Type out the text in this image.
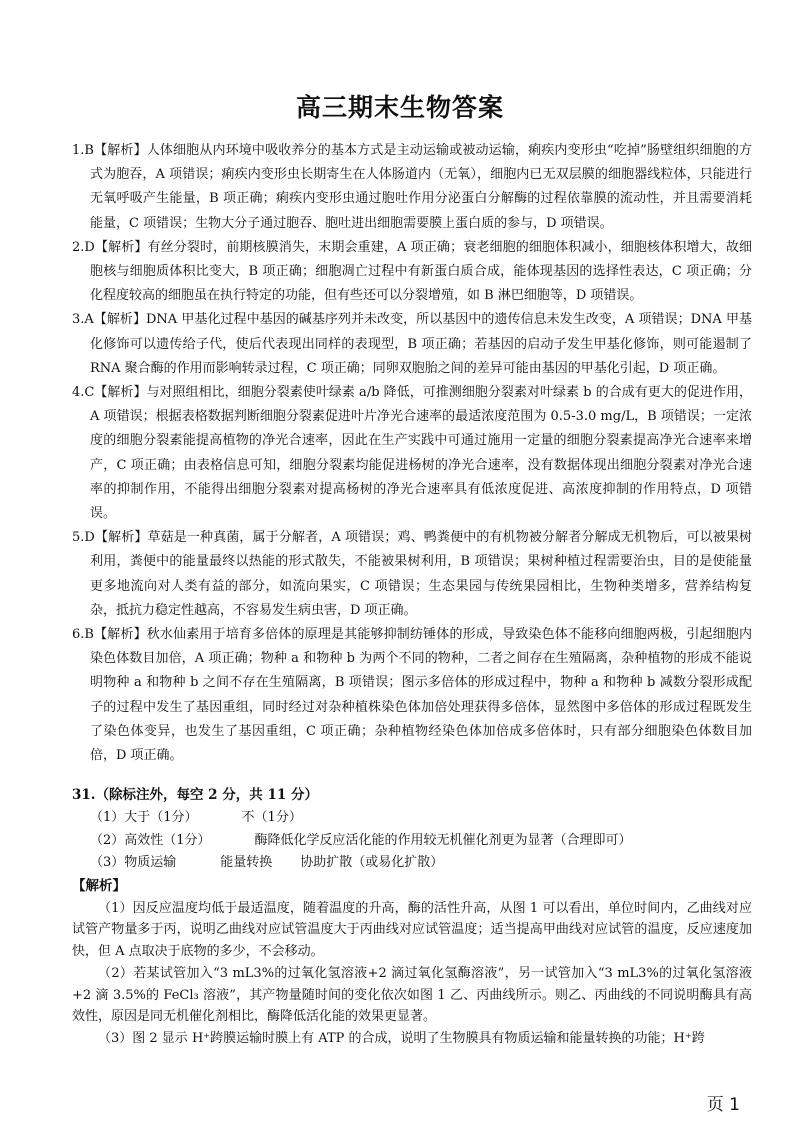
高三期末生物答案

1.B【解析】人体细胞从内环境中吸收养分的基本方式是主动运输或被动运输，痢疾内变形虫“吃掉”肠壁组织细胞的方式为胞吞，A 项错误；痢疾内变形虫长期寄生在人体肠道内（无氧），细胞内已无双层膜的细胞器线粒体，只能进行无氧呼吸产生能量，B 项正确；痢疾内变形虫通过胞吐作用分泌蛋白分解酶的过程依靠膜的流动性，并且需要消耗能量，C 项错误；生物大分子通过胞吞、胞吐进出细胞需要膜上蛋白质的参与，D 项错误。

2.D【解析】有丝分裂时，前期核膜消失，末期会重建，A 项正确；衰老细胞的细胞体积减小，细胞核体积增大，故细胞核与细胞质体积比变大，B 项正确；细胞凋亡过程中有新蛋白质合成，能体现基因的选择性表达，C 项正确；分化程度较高的细胞虽在执行特定的功能，但有些还可以分裂增殖，如 B 淋巴细胞等，D 项错误。

3.A【解析】DNA 甲基化过程中基因的碱基序列并未改变，所以基因中的遗传信息未发生改变，A 项错误；DNA 甲基化修饰可以遗传给子代，使后代表现出同样的表现型，B 项正确；若基因的启动子发生甲基化修饰，则可能遏制了 RNA 聚合酶的作用而影响转录过程，C 项正确；同卵双胞胎之间的差异可能由基因的甲基化引起，D 项正确。

4.C【解析】与对照组相比，细胞分裂素使叶绿素 a/b 降低，可推测细胞分裂素对叶绿素 b 的合成有更大的促进作用，A 项错误；根据表格数据判断细胞分裂素促进叶片净光合速率的最适浓度范围为 0.5-3.0 mg/L，B 项错误；一定浓度的细胞分裂素能提高植物的净光合速率，因此在生产实践中可通过施用一定量的细胞分裂素提高净光合速率来增产，C 项正确；由表格信息可知，细胞分裂素均能促进杨树的净光合速率，没有数据体现出细胞分裂素对净光合速率的抑制作用，不能得出细胞分裂素对提高杨树的净光合速率具有低浓度促进、高浓度抑制的作用特点，D 项错误。

5.D【解析】草菇是一种真菌，属于分解者，A 项错误；鸡、鸭粪便中的有机物被分解者分解成无机物后，可以被果树利用，粪便中的能量最终以热能的形式散失，不能被果树利用，B 项错误；果树种植过程需要治虫，目的是使能量更多地流向对人类有益的部分，如流向果实，C 项错误；生态果园与传统果园相比，生物种类增多，营养结构复杂，抵抗力稳定性越高，不容易发生病虫害，D 项正确。

6.B【解析】秋水仙素用于培育多倍体的原理是其能够抑制纺锤体的形成，导致染色体不能移向细胞两极，引起细胞内染色体数目加倍，A 项正确；物种 a 和物种 b 为两个不同的物种，二者之间存在生殖隔离，杂种植物的形成不能说明物种 a 和物种 b 之间不存在生殖隔离，B 项错误；图示多倍体的形成过程中，物种 a 和物种 b 减数分裂形成配子的过程中发生了基因重组，同时经过对杂种植株染色体加倍处理获得多倍体，显然图中多倍体的形成过程既发生了染色体变异，也发生了基因重组，C 项正确；杂种植物经染色体加倍成多倍体时，只有部分细胞染色体数目加倍，D 项正确。

31.（除标注外，每空 2 分，共 11 分）
（1）大于（1分）	不（1分）
（2）高效性（1分）	酶降低化学反应活化能的作用较无机催化剂更为显著（合理即可）
（3）物质运输	能量转换 协助扩散（或易化扩散）
【解析】

（1）因反应温度均低于最适温度，随着温度的升高，酶的活性升高，从图 1 可以看出，单位时间内，乙曲线对应试管产物量多于丙，说明乙曲线对应试管温度大于丙曲线对应试管温度；适当提高甲曲线对应试管的温度，反应速度加快，但 A 点取决于底物的多少，不会移动。

（2）若某试管加入“3 mL3%的过氧化氢溶液+2 滴过氧化氢酶溶液”，另一试管加入“3 mL3%的过氧化氢溶液+2 滴 3.5%的 FeCl₃ 溶液”，其产物量随时间的变化依次如图 1 乙、丙曲线所示。则乙、丙曲线的不同说明酶具有高效性，原因是同无机催化剂相比，酶降低活化能的效果更显著。

（3）图 2 显示 H⁺跨膜运输时膜上有 ATP 的合成，说明了生物膜具有物质运输和能量转换的功能；H⁺跨

页 1
